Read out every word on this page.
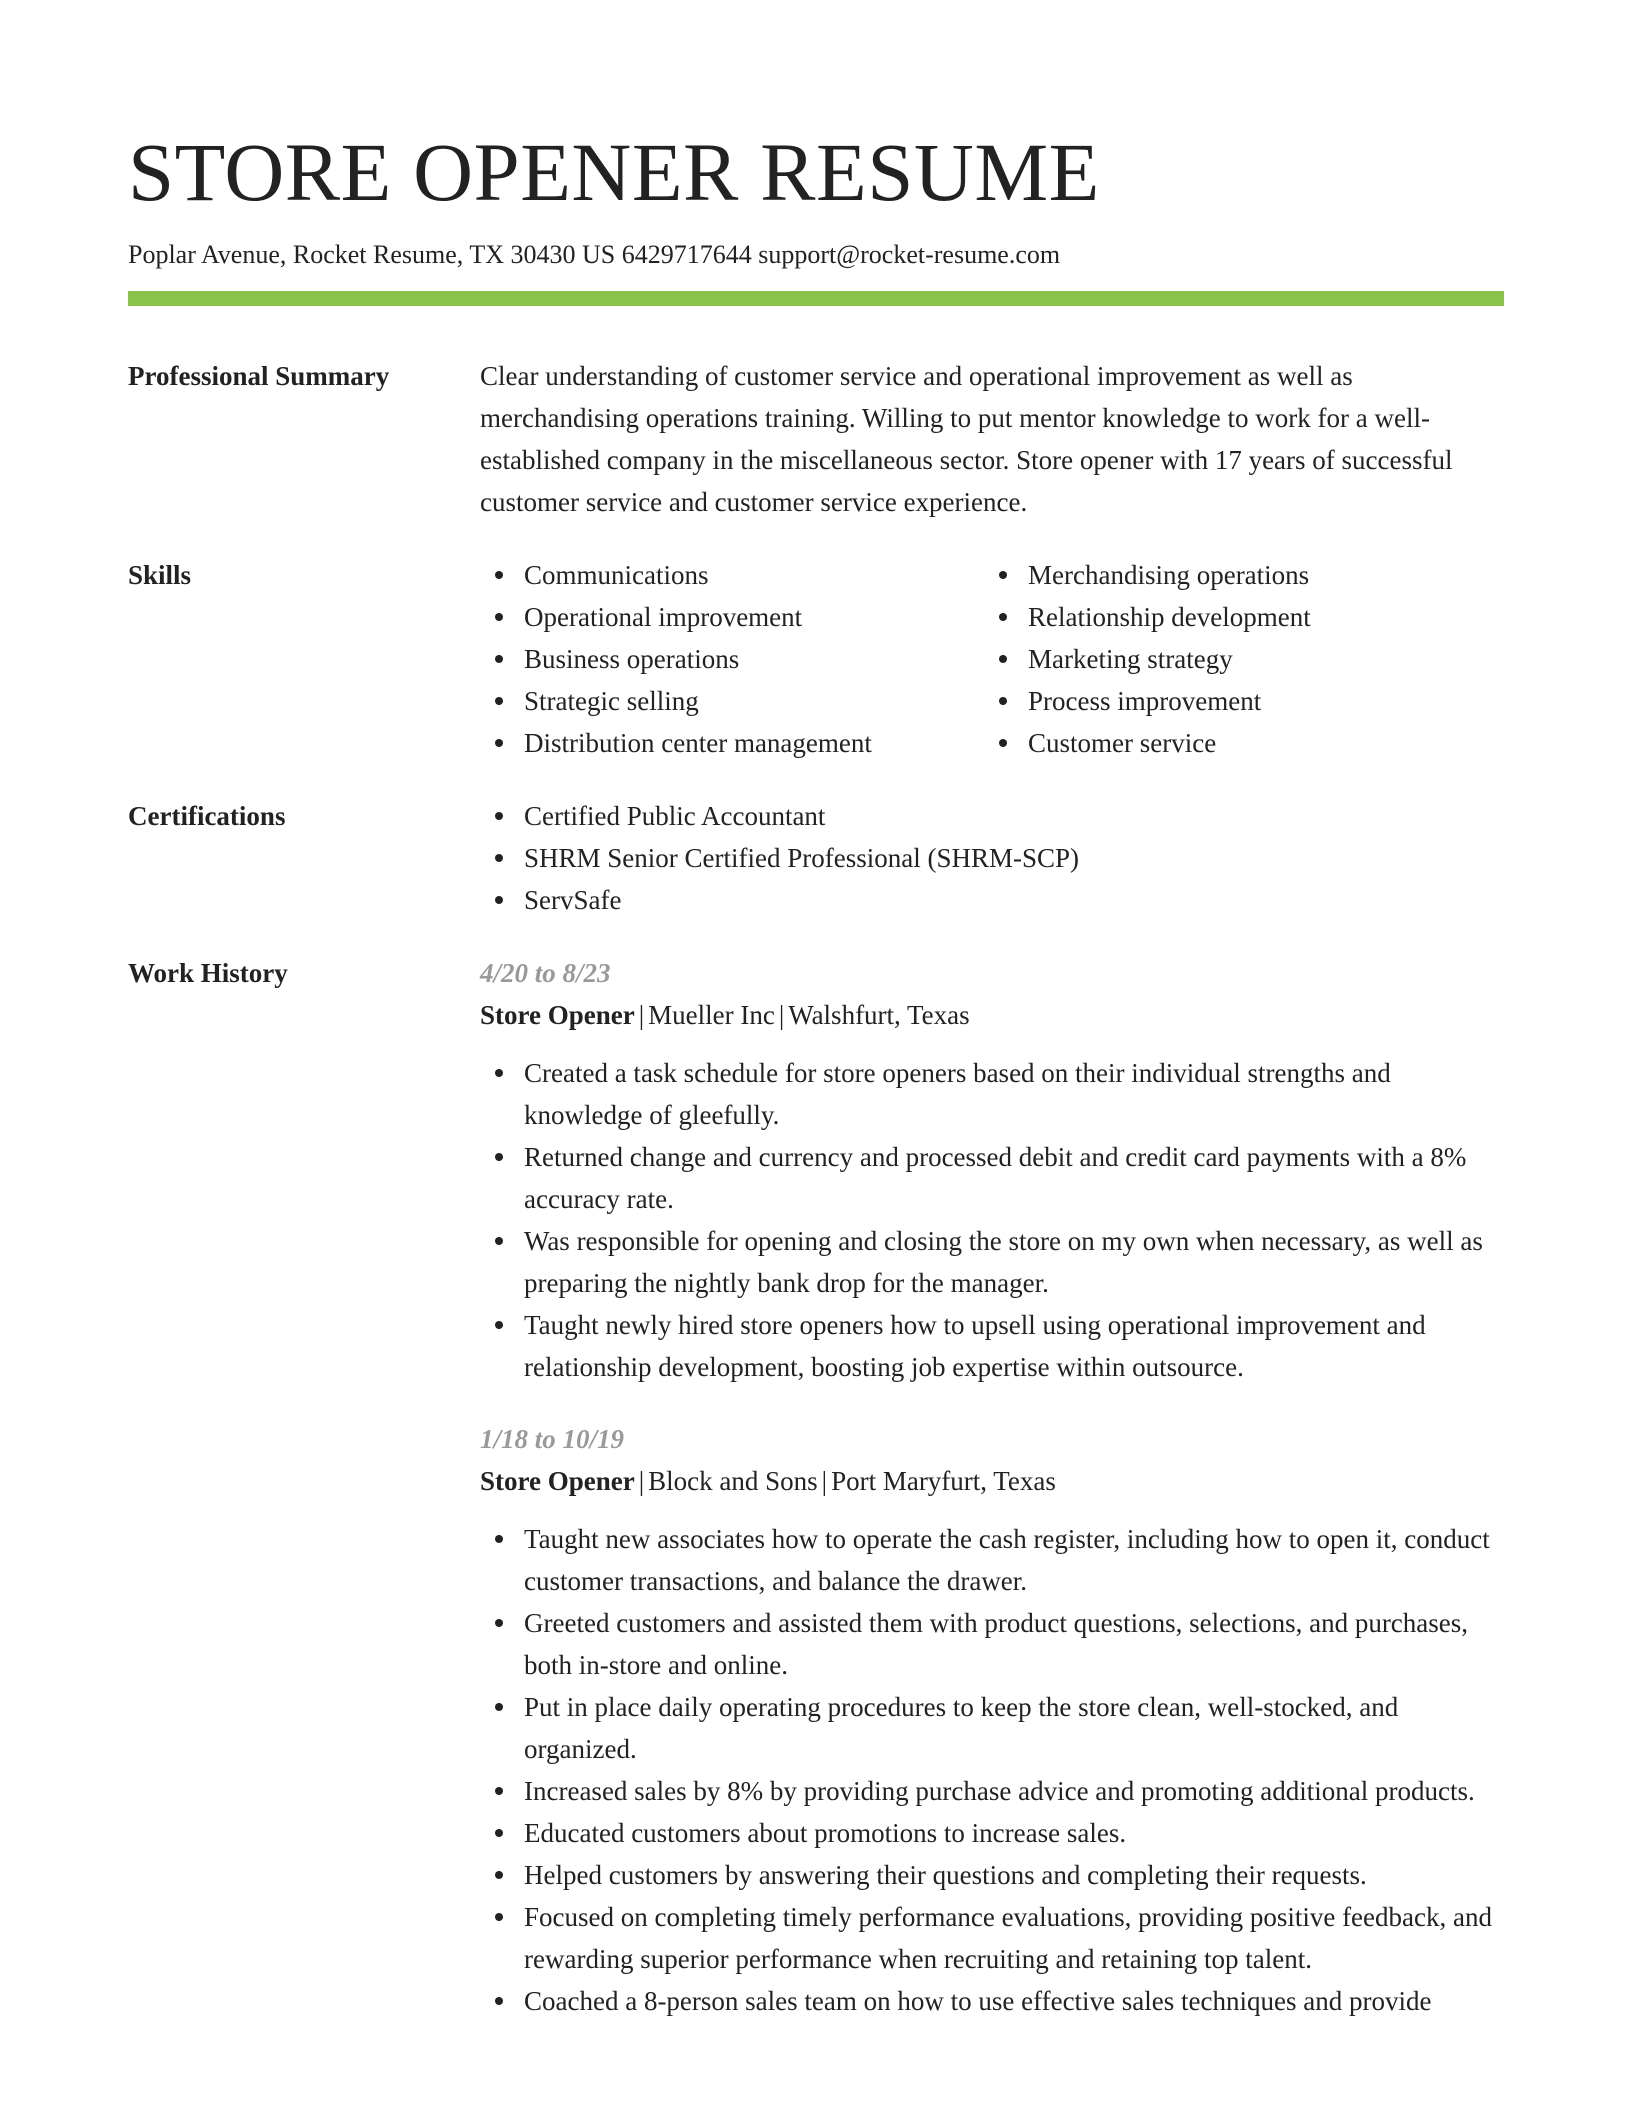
STORE OPENER RESUME
Poplar Avenue, Rocket Resume, TX 30430 US 6429717644 support@rocket-resume.com
Professional Summary	Clear understanding of customer service and operational improvement as well as merchandising operations training. Willing to put mentor knowledge to work for a well-established company in the miscellaneous sector. Store opener with 17 years of successful customer service and customer service experience.

Skills	Communications
Operational improvement
Business operations
Strategic selling
Distribution center management
Merchandising operations
Relationship development
Marketing strategy
Process improvement
Customer service
Certifications	Certified Public Accountant
SHRM Senior Certified Professional (SHRM-SCP)
ServSafe
Work History	4/20 to 8/23
Store Opener | Mueller Inc | Walshfurt, Texas
Created a task schedule for store openers based on their individual strengths and knowledge of gleefully.
Returned change and currency and processed debit and credit card payments with a 8% accuracy rate.
Was responsible for opening and closing the store on my own when necessary, as well as preparing the nightly bank drop for the manager.
Taught newly hired store openers how to upsell using operational improvement and relationship development, boosting job expertise within outsource.
1/18 to 10/19
Store Opener | Block and Sons | Port Maryfurt, Texas
Taught new associates how to operate the cash register, including how to open it, conduct customer transactions, and balance the drawer.
Greeted customers and assisted them with product questions, selections, and purchases, both in-store and online.
Put in place daily operating procedures to keep the store clean, well-stocked, and organized.
Increased sales by 8% by providing purchase advice and promoting additional products.
Educated customers about promotions to increase sales.
Helped customers by answering their questions and completing their requests.
Focused on completing timely performance evaluations, providing positive feedback, and rewarding superior performance when recruiting and retaining top talent.
Coached a 8-person sales team on how to use effective sales techniques and provide
